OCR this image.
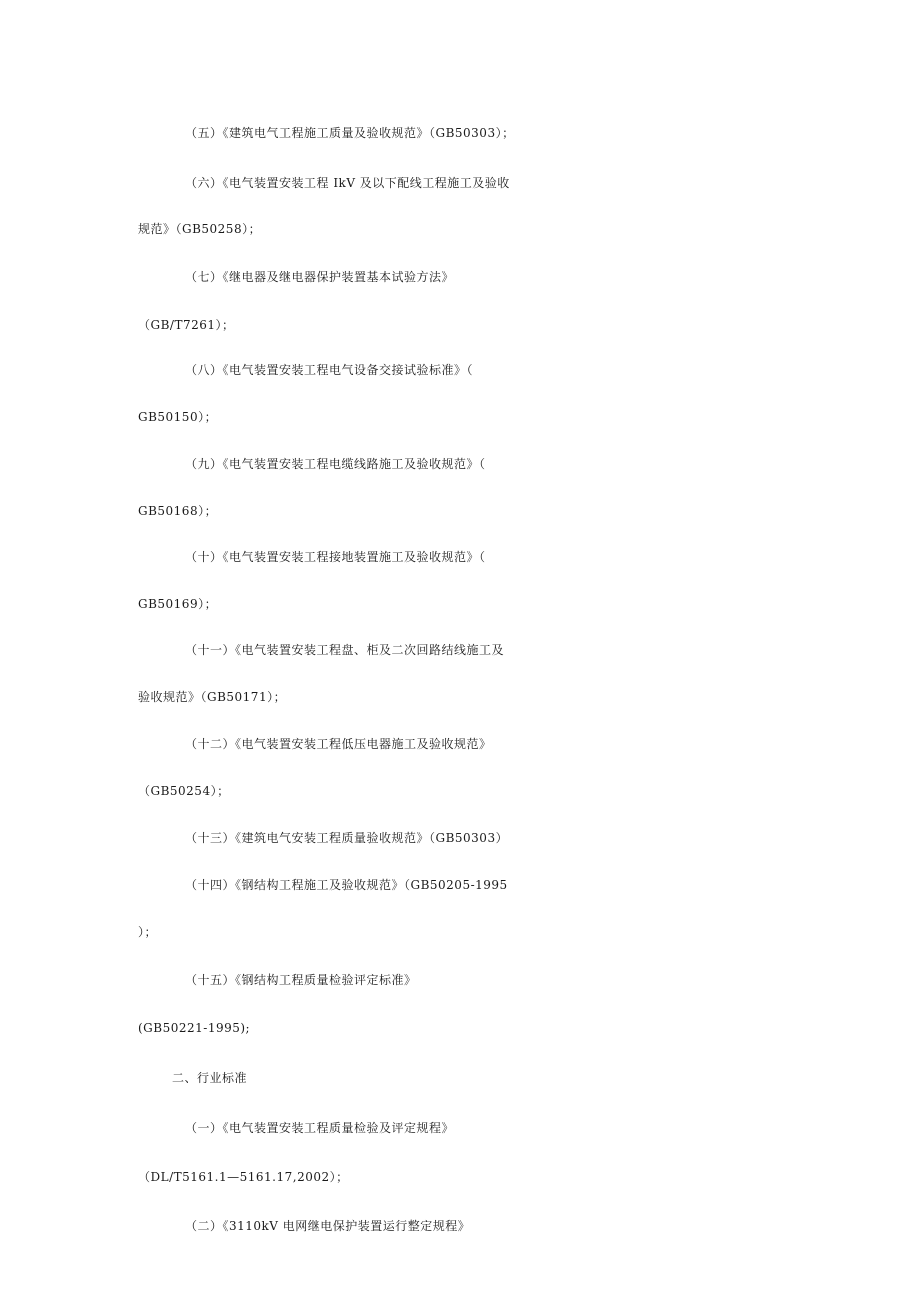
（五）《建筑电气工程施工质量及验收规范》（GB50303）；
（六）《电气装置安装工程 IkV 及以下配线工程施工及验收
规范》（GB50258）；
（七）《继电器及继电器保护装置基本试验方法》
（GB/T7261）；
（八）《电气装置安装工程电气设备交接试验标准》（
GB50150）；
（九）《电气装置安装工程电缆线路施工及验收规范》（
GB50168）；
（十）《电气装置安装工程接地装置施工及验收规范》（
GB50169）；
（十一）《电气装置安装工程盘、柜及二次回路结线施工及
验收规范》（GB50171）；
（十二）《电气装置安装工程低压电器施工及验收规范》
（GB50254）；
（十三）《建筑电气安装工程质量验收规范》（GB50303）
（十四）《钢结构工程施工及验收规范》（GB50205-1995
）；
（十五）《钢结构工程质量检验评定标准》
(GB50221-1995);
二、行业标准
（一）《电气装置安装工程质量检验及评定规程》
（DL/T5161.1—5161.17,2002）；
（二）《3110kV 电网继电保护装置运行整定规程》
